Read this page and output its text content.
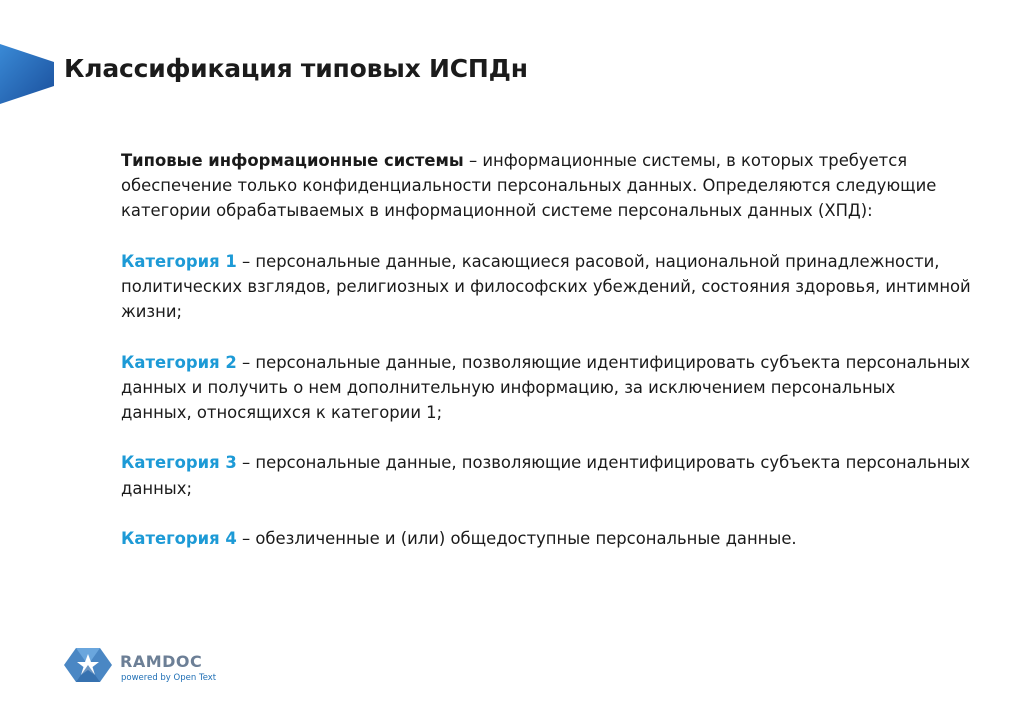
Классификация типовых ИСПДн

Типовые информационные системы – информационные системы, в которых требуется обеспечение только конфиденциальности персональных данных. Определяются следующие категории обрабатываемых в информационной системе персональных данных (ХПД):

Категория 1 – персональные данные, касающиеся расовой, национальной принадлежности, политических взглядов, религиозных и философских убеждений, состояния здоровья, интимной жизни;

Категория 2 – персональные данные, позволяющие идентифицировать субъекта персональных данных и получить о нем дополнительную информацию, за исключением персональных данных, относящихся к категории 1;

Категория 3 – персональные данные, позволяющие идентифицировать субъекта персональных данных;

Категория 4 – обезличенные и (или) общедоступные персональные данные.

RAMDOC
powered by Open Text
